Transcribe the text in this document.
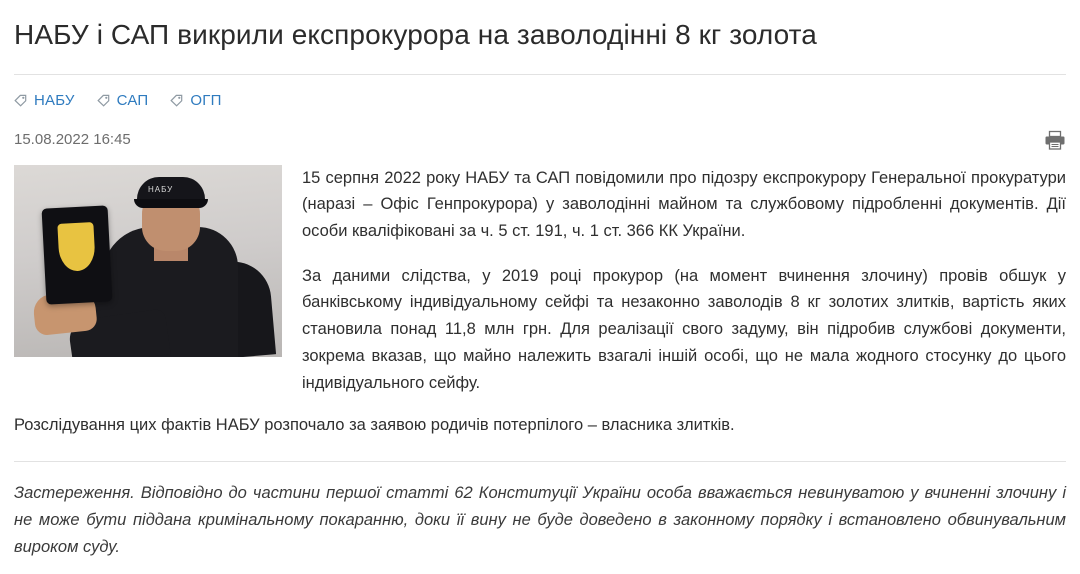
НАБУ і САП викрили експрокурора на заволодінні 8 кг золота
НАБУ	САП	ОГП
15.08.2022 16:45
НАБУ

15 серпня 2022 року НАБУ та САП повідомили про підозру експрокурору Генеральної прокуратури (наразі – Офіс Генпрокурора) у заволодінні майном та службовому підробленні документів. Дії особи кваліфіковані за ч. 5 ст. 191, ч. 1 ст. 366 КК України.

За даними слідства, у 2019 році прокурор (на момент вчинення злочину) провів обшук у банківському індивідуальному сейфі та незаконно заволодів 8 кг золотих злитків, вартість яких становила понад 11,8 млн грн. Для реалізації свого задуму, він підробив службові документи, зокрема вказав, що майно належить взагалі іншій особі, що не мала жодного стосунку до цього індивідуального сейфу.

Розслідування цих фактів НАБУ розпочало за заявою родичів потерпілого – власника злитків.
Застереження. Відповідно до частини першої статті 62 Конституції України особа вважається невинуватою у вчиненні злочину і не може бути піддана кримінальному покаранню, доки її вину не буде доведено в законному порядку і встановлено обвинувальним вироком суду.
